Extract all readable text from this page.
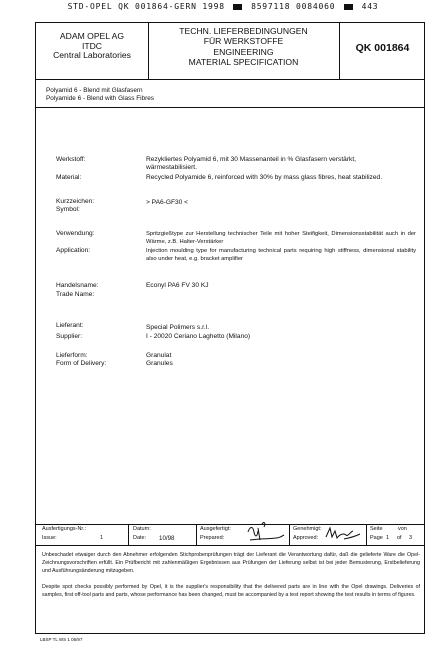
STD-OPEL QK 001864-GERN 1998	8597118 0084060	443
ADAM OPEL AG
ITDC
Central Laboratories
TECHN. LIEFERBEDINGUNGEN
FÜR WERKSTOFFE
ENGINEERING
MATERIAL SPECIFICATION
QK 001864
Polyamid 6 - Blend mit Glasfasern
Polyamide 6 - Blend with Glass Fibres
Werkstoff:	Rezykliertes Polyamid 6, mit 30 Massenanteil in % Glasfasern verstärkt,
wärmestabilisiert.
Material:	Recycled Polyamide 6, reinforced with 30% by mass glass fibres, heat stabilized.
Kurzzeichen:
Symbol:
> PA6-GF30 <
Verwendung:	Spritzgießtype zur Herstellung technischer Teile mit hoher Steifigkeit, Dimensionsstabilität auch in der Wärme, z.B. Halter-Verstärker
Application:	Injection moulding type for manufacturing technical parts requiring high stiffness, dimensional stability also under heat, e.g. bracket amplifier
Handelsname:
Trade Name:
Econyl PA6 FV 30 KJ
Lieferant:
Supplier:
Special Polimers s.r.l.
I - 20020 Ceriano Laghetto (Milano)
Lieferform:
Form of Delivery:
Granulat
Granules
Ausfertigungs-Nr.:
Issue:	1
Datum:
Date: 10/98
Ausgefertigt:
Prepared:
Genehmigt:
Approved:
Seite	von
Page 1 of 3
Unbeschadet etwaiger durch den Abnehmer erfolgenden Stichprobenprüfungen trägt der Lieferant die Verantwortung dafür, daß die gelieferte Ware die Opel-Zeichnungsvorschriften erfüllt. Ein Prüfbericht mit zahlenmäßigen Ergebnissen aus Prüfungen der Lieferung selbst ist bei jeder Bemusterung, Erstbelieferung und Ausführungsänderung mitzugeben.
Despite spot checks possibly performed by Opel, it is the supplier's responsibility that the delivered parts are in line with the Opel drawings. Deliveries of samples, first off-tool parts and parts, whose performance has been changed, must be accompanied by a test report showing the test results in terms of figures.
LBSP TL WS 1 06/97
